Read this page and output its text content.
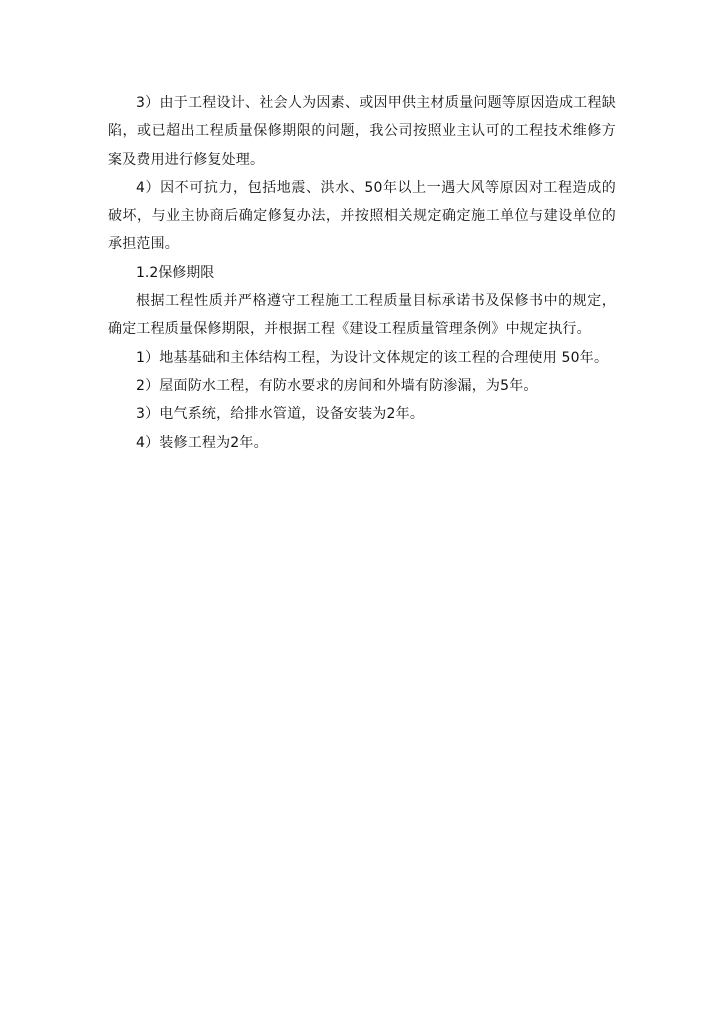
3）由于工程设计、社会人为因素、或因甲供主材质量问题等原因造成工程缺陷，或已超出工程质量保修期限的问题，我公司按照业主认可的工程技术维修方案及费用进行修复处理。

4）因不可抗力，包括地震、洪水、50年以上一遇大风等原因对工程造成的破坏，与业主协商后确定修复办法，并按照相关规定确定施工单位与建设单位的承担范围。

1.2保修期限

根据工程性质并严格遵守工程施工工程质量目标承诺书及保修书中的规定，确定工程质量保修期限，并根据工程《建设工程质量管理条例》中规定执行。

1）地基基础和主体结构工程，为设计文体规定的该工程的合理使用 50年。

2）屋面防水工程，有防水要求的房间和外墙有防渗漏，为5年。

3）电气系统，给排水管道，设备安装为2年。

4）装修工程为2年。
